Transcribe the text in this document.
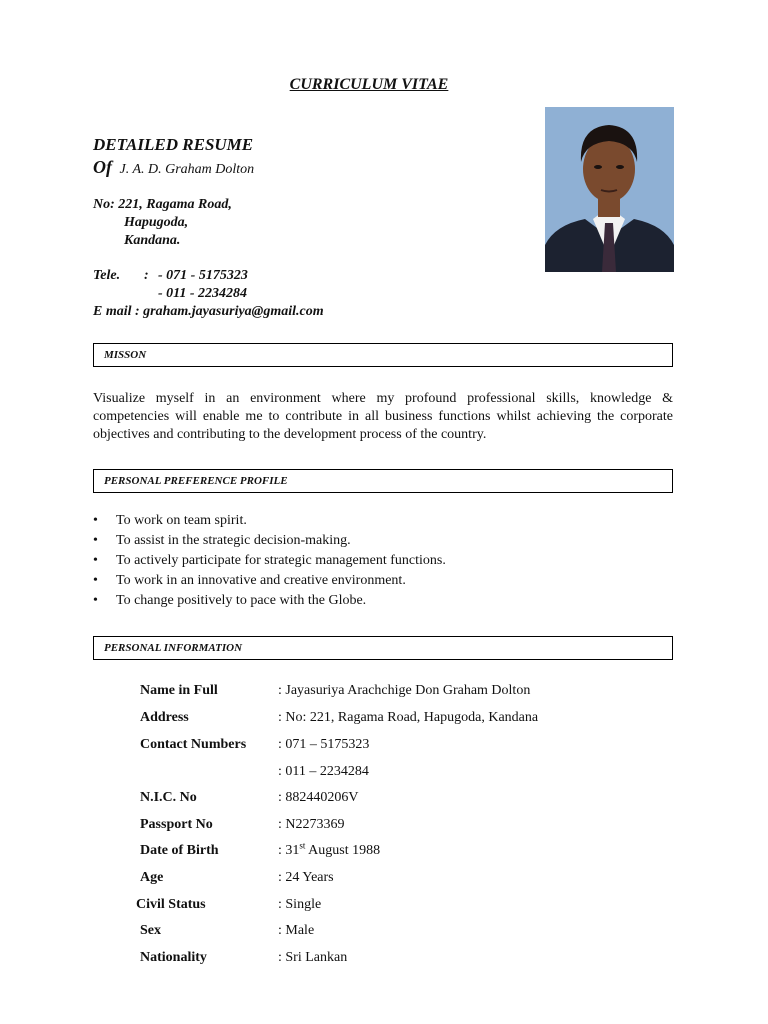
CURRICULUM VITAE
DETAILED RESUME
Of J. A. D. Graham Dolton
No: 221, Ragama Road,
Hapugoda,
Kandana.
Tele. : - 071 - 5175323
- 011 - 2234284
E mail : graham.jayasuriya@gmail.com
MISSON
Visualize myself in an environment where my profound professional skills, knowledge & competencies will enable me to contribute in all business functions whilst achieving the corporate objectives and contributing to the development process of the country.
PERSONAL PREFERENCE PROFILE
• To work on team spirit.
• To assist in the strategic decision-making.
• To actively participate for strategic management functions.
• To work in an innovative and creative environment.
• To change positively to pace with the Globe.
PERSONAL INFORMATION
Name in Full	: Jayasuriya Arachchige Don Graham Dolton
Address	: No: 221, Ragama Road, Hapugoda, Kandana
Contact Numbers : 071 – 5175323
: 011 – 2234284
N.I.C. No	: 882440206V
Passport No	: N2273369
Date of Birth	: 31st August 1988
Age	: 24 Years
Civil Status	: Single
Sex	: Male
Nationality	: Sri Lankan
